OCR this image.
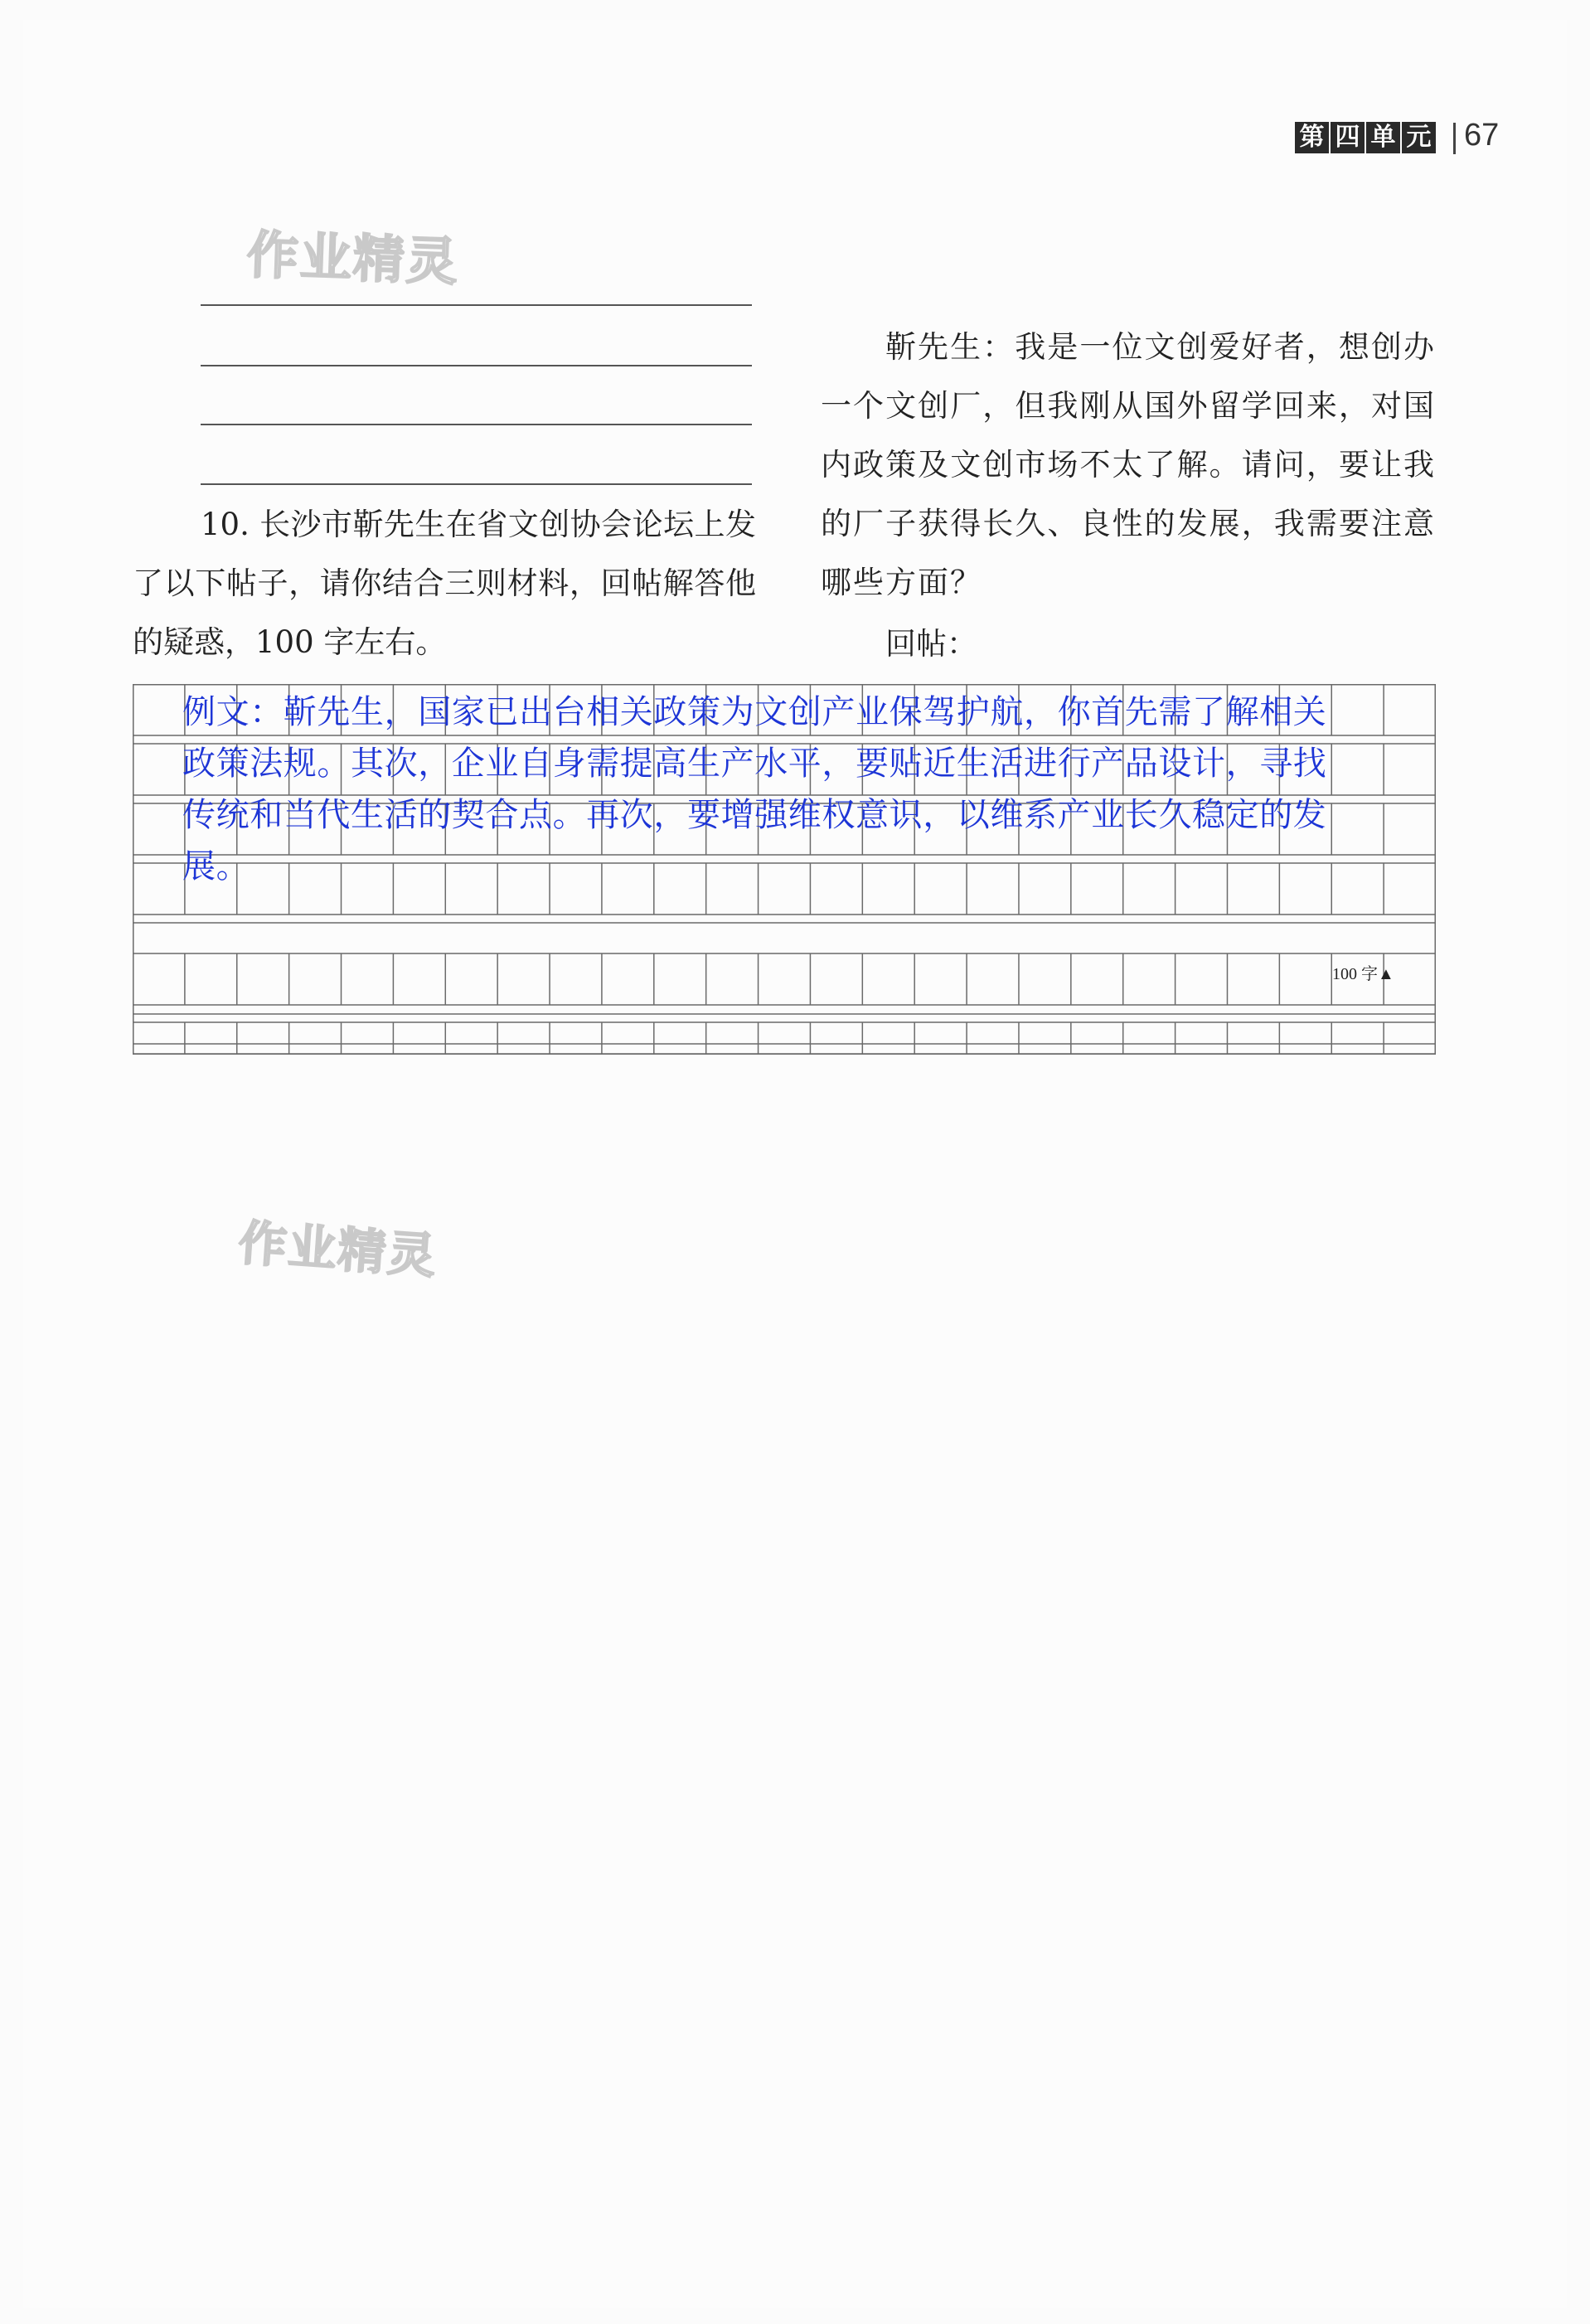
第 四 单 元 67
作业精灵
作业精灵
10. 长沙市靳先生在省文创协会论坛上发了以下帖子，请你结合三则材料，回帖解答他的疑惑，100 字左右。
靳先生：我是一位文创爱好者，想创办一个文创厂，但我刚从国外留学回来，对国内政策及文创市场不太了解。请问，要让我的厂子获得长久、良性的发展，我需要注意哪些方面？
回帖：
例文：靳先生，国家已出台相关政策为文创产业保驾护航，你首先需了解相关
政策法规。其次，企业自身需提高生产水平，要贴近生活进行产品设计，寻找
传统和当代生活的契合点。再次，要增强维权意识，以维系产业长久稳定的发
展。
100 字▲
